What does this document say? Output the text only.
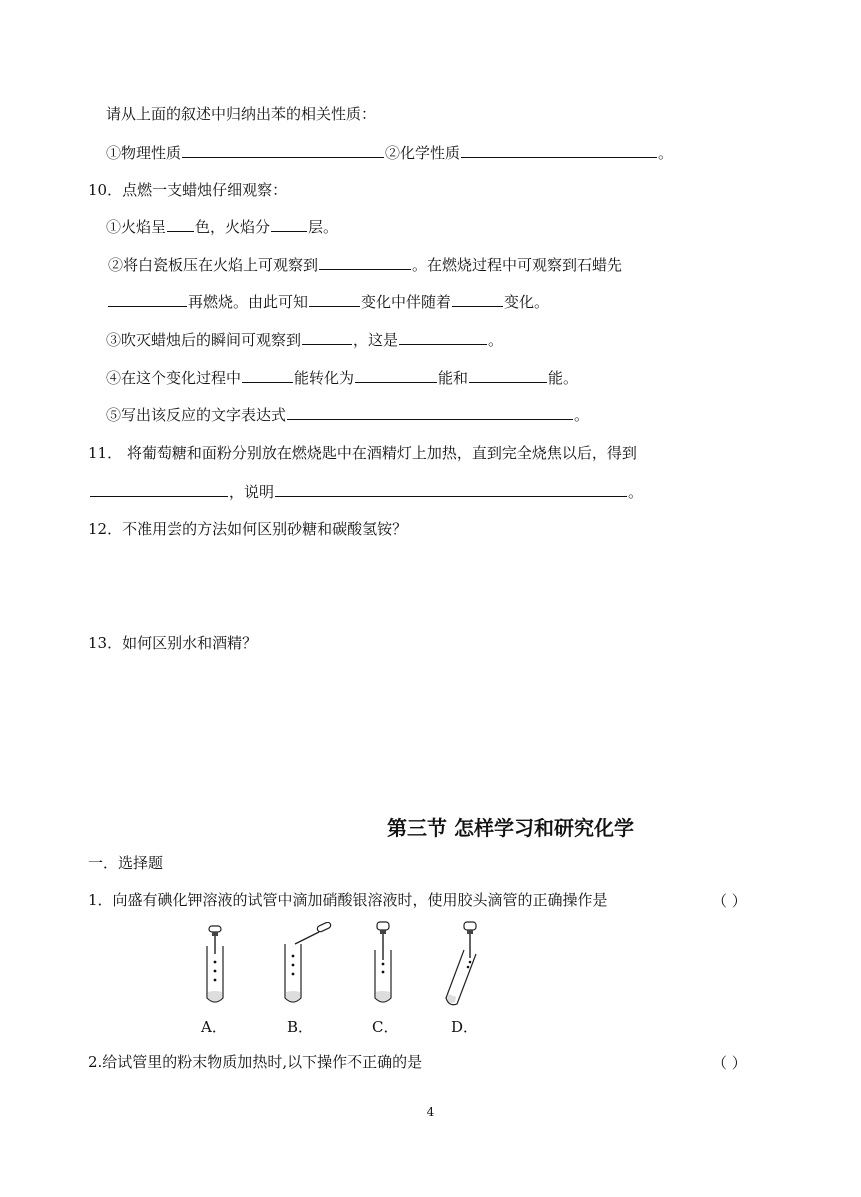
请从上面的叙述中归纳出苯的相关性质：
①物理性质	②化学性质	。
10．点燃一支蜡烛仔细观察：
①火焰呈 色，火焰分	层。
②将白瓷板压在火焰上可观察到	。在燃烧过程中可观察到石蜡先
再燃烧。由此可知	变化中伴随着	变化。
③吹灭蜡烛后的瞬间可观察到	，这是	。
④在这个变化过程中	能转化为	能和	能。
⑤写出该反应的文字表达式	。
11． 将葡萄糖和面粉分别放在燃烧匙中在酒精灯上加热，直到完全烧焦以后，得到
，说明	。
12．不准用尝的方法如何区别砂糖和碳酸氢铵？
13．如何区别水和酒精？
第三节 怎样学习和研究化学
一．选择题
1．向盛有碘化钾溶液的试管中滴加硝酸银溶液时，使用胶头滴管的正确操作是	（ ）
A．	B．	C．	D．
2.给试管里的粉末物质加热时,以下操作不正确的是	（ ）
4
